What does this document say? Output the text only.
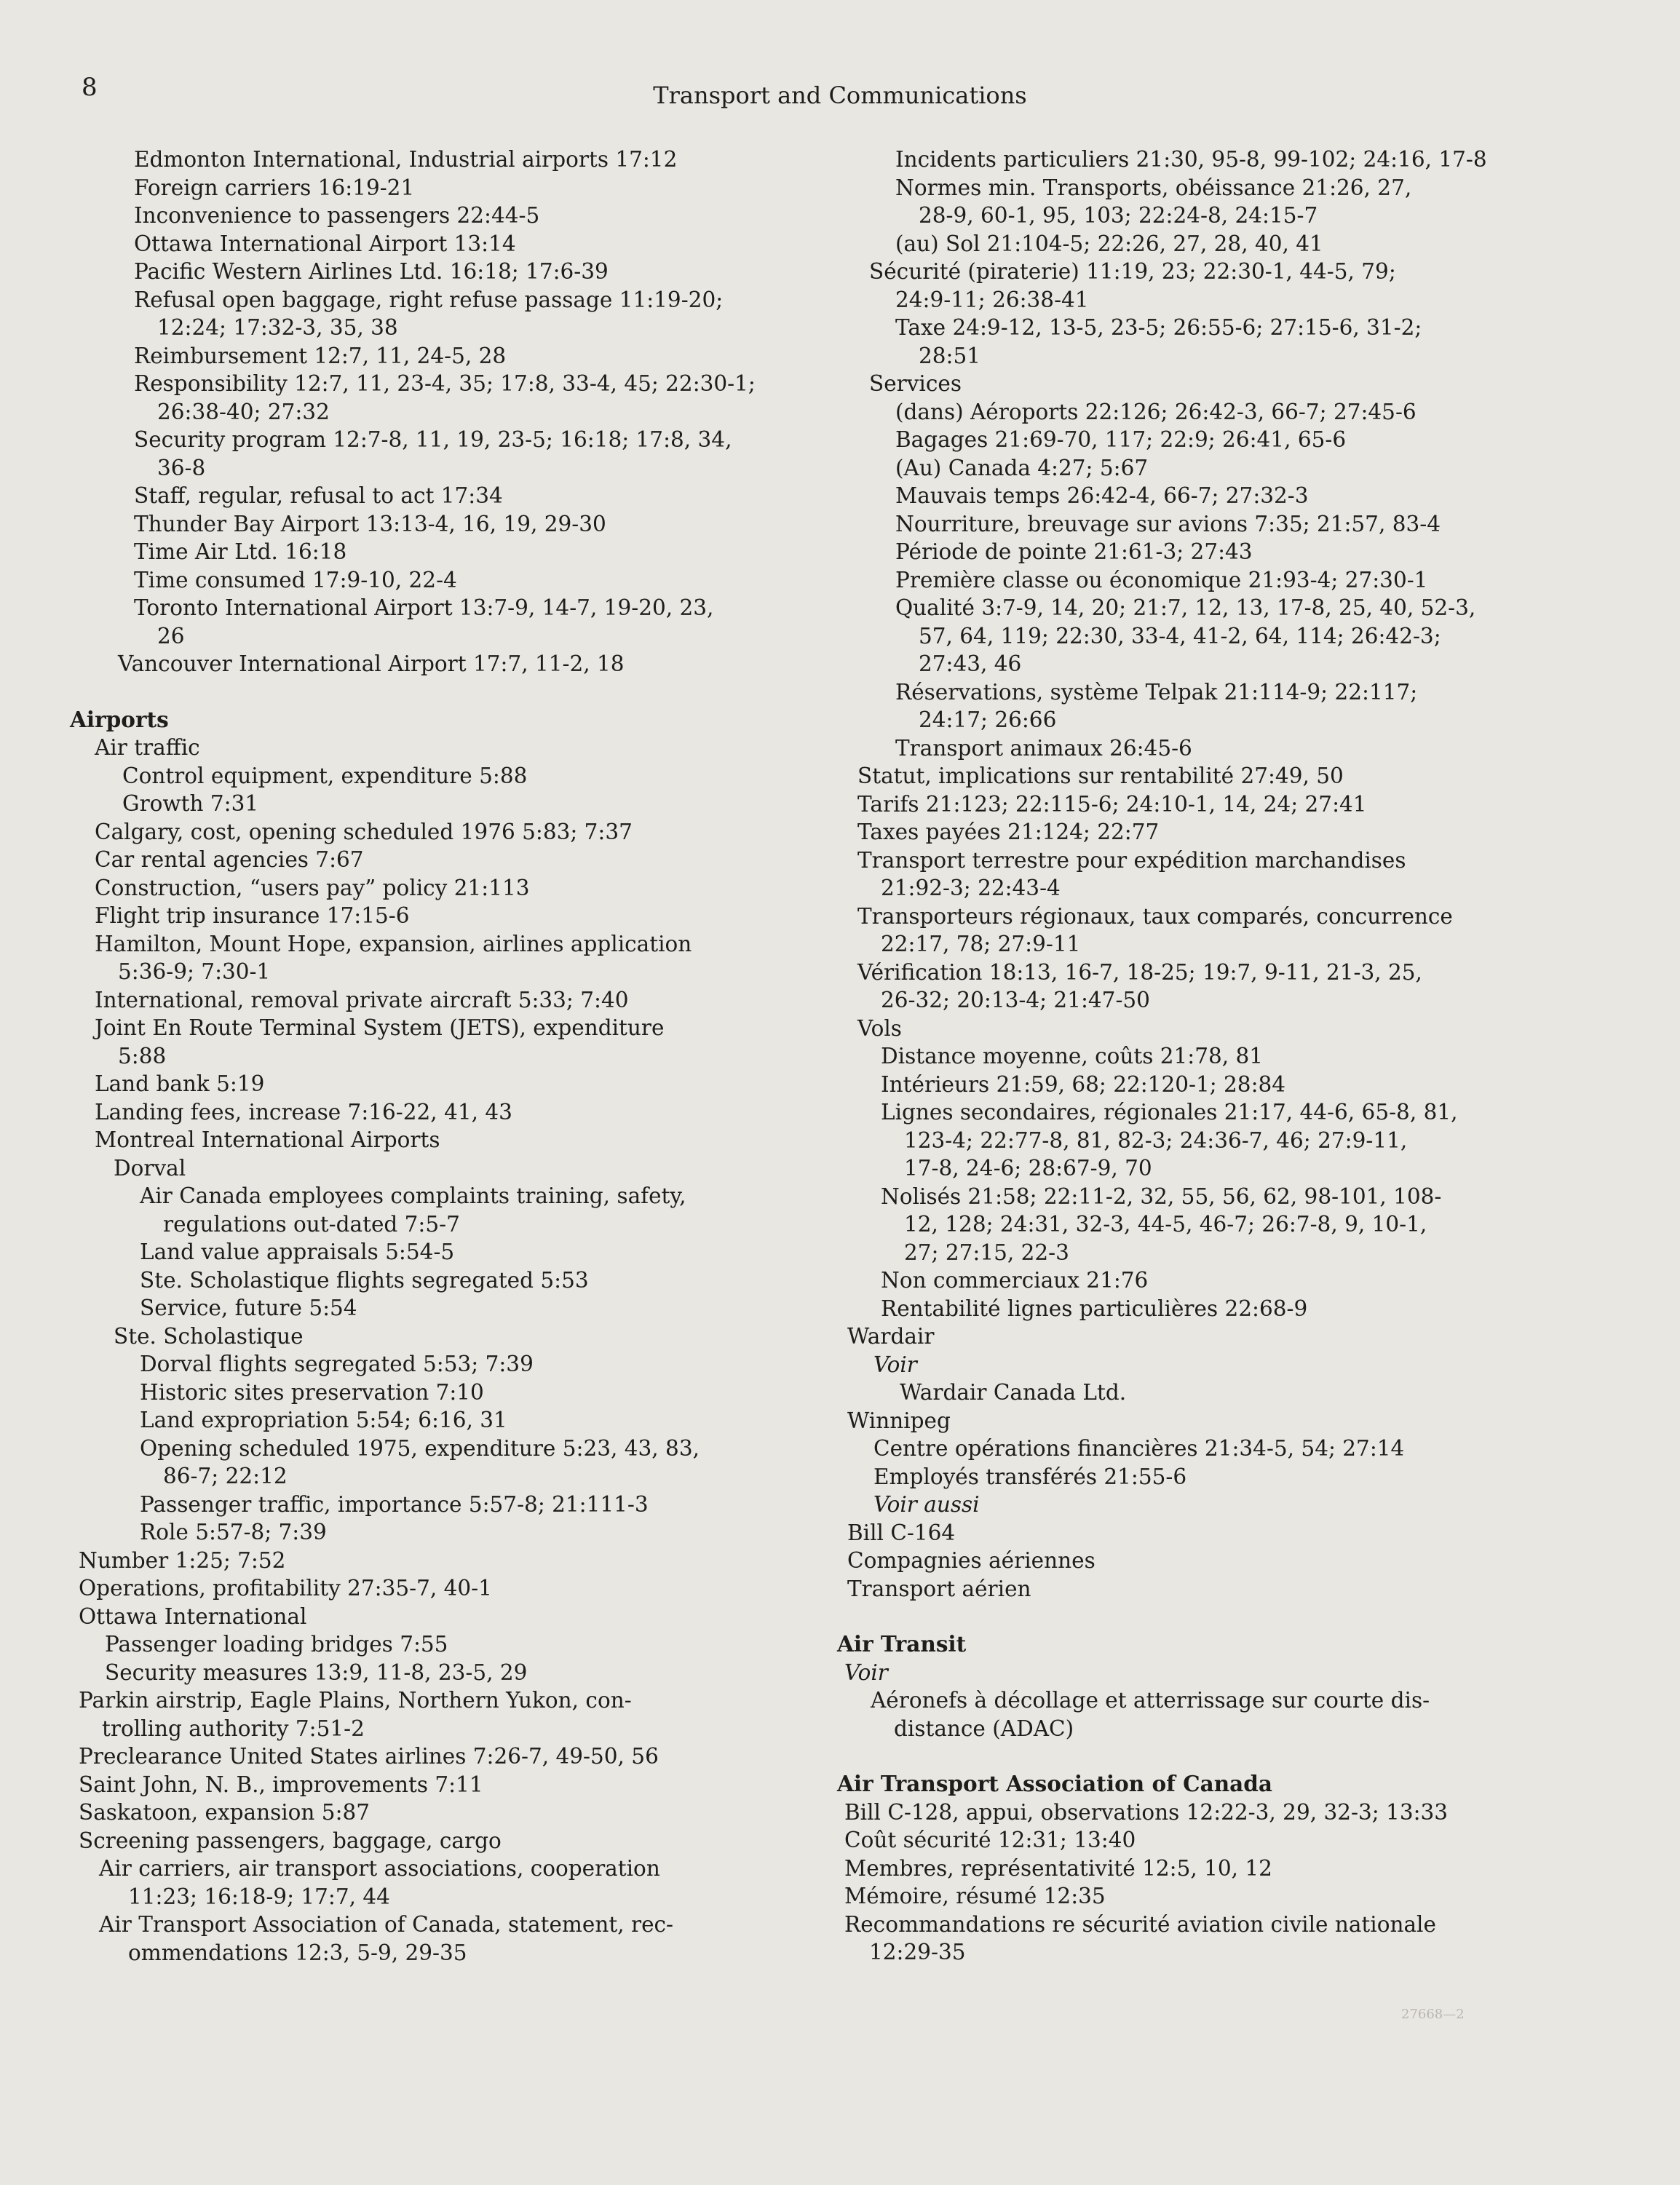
8	Transport and Communications
Edmonton International, Industrial airports 17:12
Foreign carriers 16:19-21
Inconvenience to passengers 22:44-5
Ottawa International Airport 13:14
Pacific Western Airlines Ltd. 16:18; 17:6-39
Refusal open baggage, right refuse passage 11:19-20;
12:24; 17:32-3, 35, 38
Reimbursement 12:7, 11, 24-5, 28
Responsibility 12:7, 11, 23-4, 35; 17:8, 33-4, 45; 22:30-1;
26:38-40; 27:32
Security program 12:7-8, 11, 19, 23-5; 16:18; 17:8, 34,
36-8
Staff, regular, refusal to act 17:34
Thunder Bay Airport 13:13-4, 16, 19, 29-30
Time Air Ltd. 16:18
Time consumed 17:9-10, 22-4
Toronto International Airport 13:7-9, 14-7, 19-20, 23,
26
Vancouver International Airport 17:7, 11-2, 18
Airports
Air traffic
Control equipment, expenditure 5:88
Growth 7:31
Calgary, cost, opening scheduled 1976 5:83; 7:37
Car rental agencies 7:67
Construction, “users pay” policy 21:113
Flight trip insurance 17:15-6
Hamilton, Mount Hope, expansion, airlines application
5:36-9; 7:30-1
International, removal private aircraft 5:33; 7:40
Joint En Route Terminal System (JETS), expenditure
5:88
Land bank 5:19
Landing fees, increase 7:16-22, 41, 43
Montreal International Airports
Dorval
Air Canada employees complaints training, safety,
regulations out-dated 7:5-7
Land value appraisals 5:54-5
Ste. Scholastique flights segregated 5:53
Service, future 5:54
Ste. Scholastique
Dorval flights segregated 5:53; 7:39
Historic sites preservation 7:10
Land expropriation 5:54; 6:16, 31
Opening scheduled 1975, expenditure 5:23, 43, 83,
86-7; 22:12
Passenger traffic, importance 5:57-8; 21:111-3
Role 5:57-8; 7:39
Number 1:25; 7:52
Operations, profitability 27:35-7, 40-1
Ottawa International
Passenger loading bridges 7:55
Security measures 13:9, 11-8, 23-5, 29
Parkin airstrip, Eagle Plains, Northern Yukon, con-
trolling authority 7:51-2
Preclearance United States airlines 7:26-7, 49-50, 56
Saint John, N. B., improvements 7:11
Saskatoon, expansion 5:87
Screening passengers, baggage, cargo
Air carriers, air transport associations, cooperation
11:23; 16:18-9; 17:7, 44
Air Transport Association of Canada, statement, rec-
ommendations 12:3, 5-9, 29-35
Incidents particuliers 21:30, 95-8, 99-102; 24:16, 17-8
Normes min. Transports, obéissance 21:26, 27,
28-9, 60-1, 95, 103; 22:24-8, 24:15-7
(au) Sol 21:104-5; 22:26, 27, 28, 40, 41
Sécurité (piraterie) 11:19, 23; 22:30-1, 44-5, 79;
24:9-11; 26:38-41
Taxe 24:9-12, 13-5, 23-5; 26:55-6; 27:15-6, 31-2;
28:51
Services
(dans) Aéroports 22:126; 26:42-3, 66-7; 27:45-6
Bagages 21:69-70, 117; 22:9; 26:41, 65-6
(Au) Canada 4:27; 5:67
Mauvais temps 26:42-4, 66-7; 27:32-3
Nourriture, breuvage sur avions 7:35; 21:57, 83-4
Période de pointe 21:61-3; 27:43
Première classe ou économique 21:93-4; 27:30-1
Qualité 3:7-9, 14, 20; 21:7, 12, 13, 17-8, 25, 40, 52-3,
57, 64, 119; 22:30, 33-4, 41-2, 64, 114; 26:42-3;
27:43, 46
Réservations, système Telpak 21:114-9; 22:117;
24:17; 26:66
Transport animaux 26:45-6
Statut, implications sur rentabilité 27:49, 50
Tarifs 21:123; 22:115-6; 24:10-1, 14, 24; 27:41
Taxes payées 21:124; 22:77
Transport terrestre pour expédition marchandises
21:92-3; 22:43-4
Transporteurs régionaux, taux comparés, concurrence
22:17, 78; 27:9-11
Vérification 18:13, 16-7, 18-25; 19:7, 9-11, 21-3, 25,
26-32; 20:13-4; 21:47-50
Vols
Distance moyenne, coûts 21:78, 81
Intérieurs 21:59, 68; 22:120-1; 28:84
Lignes secondaires, régionales 21:17, 44-6, 65-8, 81,
123-4; 22:77-8, 81, 82-3; 24:36-7, 46; 27:9-11,
17-8, 24-6; 28:67-9, 70
Nolisés 21:58; 22:11-2, 32, 55, 56, 62, 98-101, 108-
12, 128; 24:31, 32-3, 44-5, 46-7; 26:7-8, 9, 10-1,
27; 27:15, 22-3
Non commerciaux 21:76
Rentabilité lignes particulières 22:68-9
Wardair
Voir
Wardair Canada Ltd.
Winnipeg
Centre opérations financières 21:34-5, 54; 27:14
Employés transférés 21:55-6
Voir aussi
Bill C-164
Compagnies aériennes
Transport aérien
Air Transit
Voir
Aéronefs à décollage et atterrissage sur courte dis-
distance (ADAC)
Air Transport Association of Canada
Bill C-128, appui, observations 12:22-3, 29, 32-3; 13:33
Coût sécurité 12:31; 13:40
Membres, représentativité 12:5, 10, 12
Mémoire, résumé 12:35
Recommandations re sécurité aviation civile nationale
12:29-35
27668—2
